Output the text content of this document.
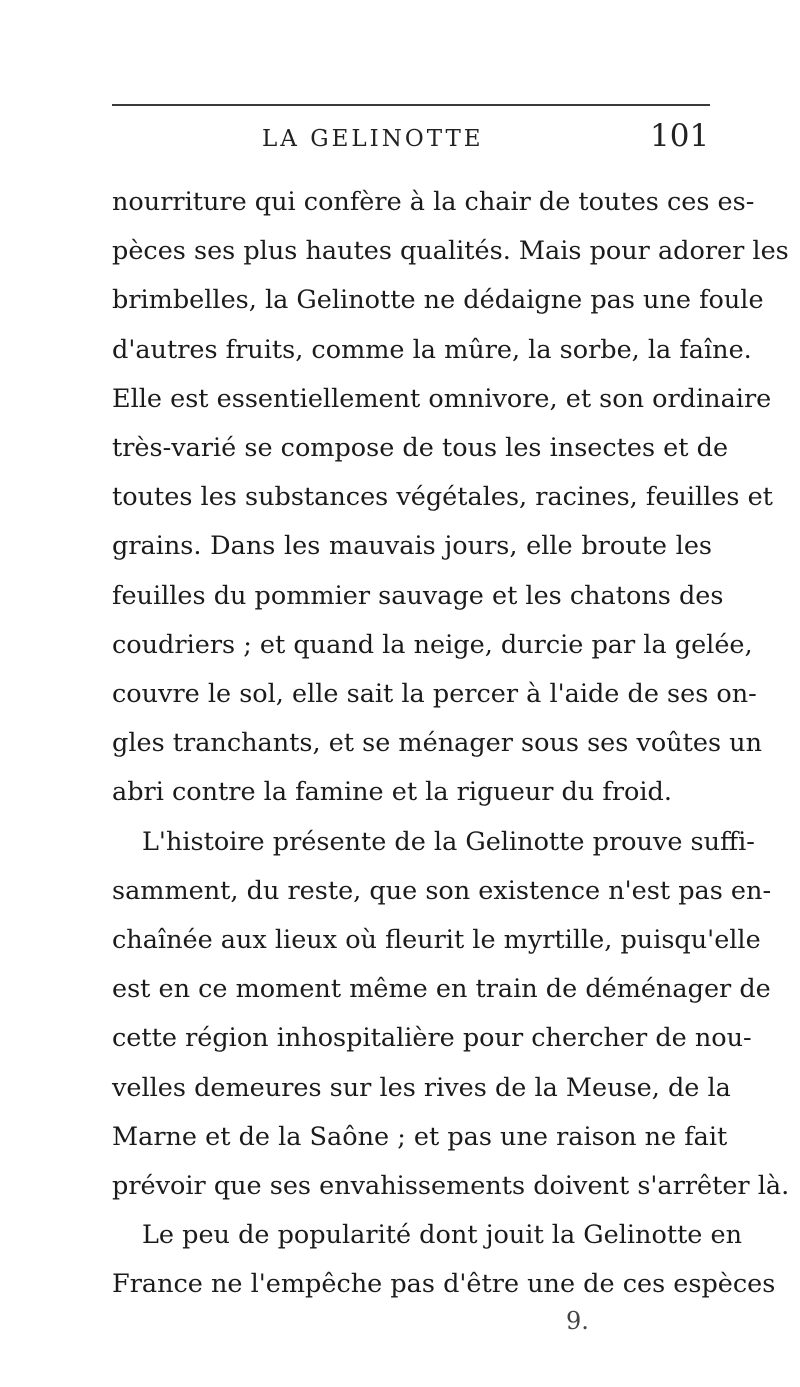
LA GELINOTTE	101
nourriture qui confère à la chair de toutes ces es-
pèces ses plus hautes qualités. Mais pour adorer les
brimbelles, la Gelinotte ne dédaigne pas une foule
d'autres fruits, comme la mûre, la sorbe, la faîne.
Elle est essentiellement omnivore, et son ordinaire
très-varié se compose de tous les insectes et de
toutes les substances végétales, racines, feuilles et
grains. Dans les mauvais jours, elle broute les
feuilles du pommier sauvage et les chatons des
coudriers ; et quand la neige, durcie par la gelée,
couvre le sol, elle sait la percer à l'aide de ses on-
gles tranchants, et se ménager sous ses voûtes un
abri contre la famine et la rigueur du froid.
L'histoire présente de la Gelinotte prouve suffi-
samment, du reste, que son existence n'est pas en-
chaînée aux lieux où fleurit le myrtille, puisqu'elle
est en ce moment même en train de déménager de
cette région inhospitalière pour chercher de nou-
velles demeures sur les rives de la Meuse, de la
Marne et de la Saône ; et pas une raison ne fait
prévoir que ses envahissements doivent s'arrêter là.
Le peu de popularité dont jouit la Gelinotte en
France ne l'empêche pas d'être une de ces espèces
9.
